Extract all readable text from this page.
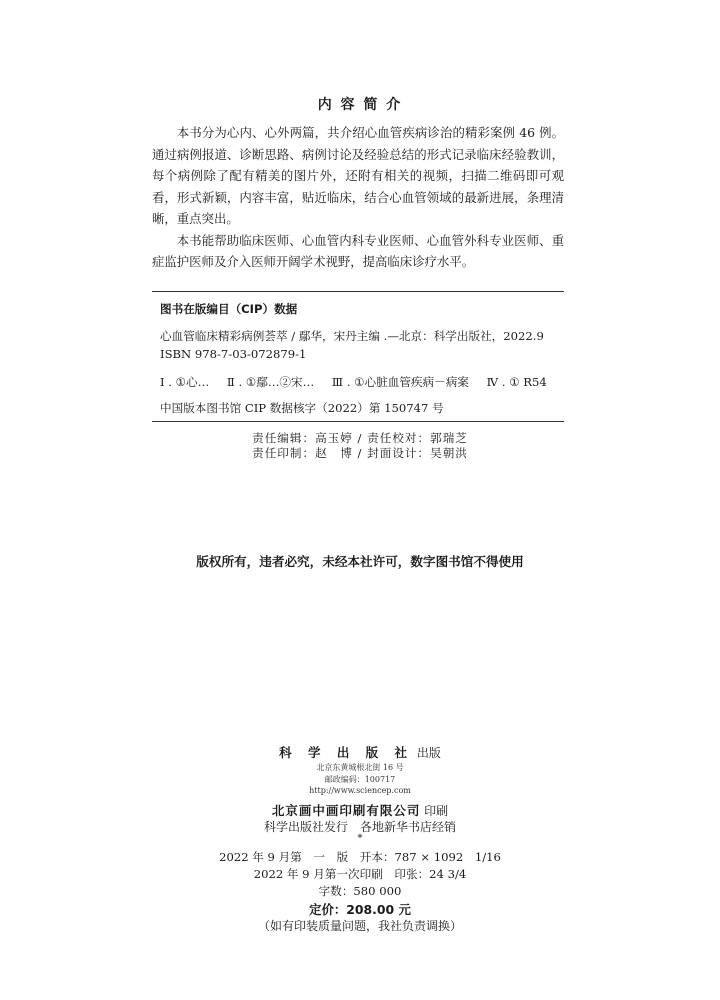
内 容 简 介

本书分为心内、心外两篇，共介绍心血管疾病诊治的精彩案例 46 例。通过病例报道、诊断思路、病例讨论及经验总结的形式记录临床经验教训，每个病例除了配有精美的图片外，还附有相关的视频，扫描二维码即可观看，形式新颖，内容丰富，贴近临床，结合心血管领域的最新进展，条理清晰，重点突出。

本书能帮助临床医师、心血管内科专业医师、心血管外科专业医师、重症监护医师及介入医师开阔学术视野，提高临床诊疗水平。

图书在版编目（CIP）数据
心血管临床精彩病例荟萃 / 鄢华，宋丹主编 .—北京：科学出版社，2022.9
ISBN 978-7-03-072879-1
Ⅰ . ①心… Ⅱ . ①鄢…②宋… Ⅲ . ①心脏血管疾病－病案 Ⅳ . ① R54
中国版本图书馆 CIP 数据核字（2022）第 150747 号
责任编辑：高玉婷 / 责任校对：郭瑞芝
责任印制：赵　博 / 封面设计：吴朝洪
版权所有，违者必究，未经本社许可，数字图书馆不得使用
科 学 出 版 社 出版
北京东黄城根北街 16 号
邮政编码：100717
http://www.sciencep.com
北京画中画印刷有限公司 印刷
科学出版社发行　各地新华书店经销
*
2022 年 9 月第　一　版　开本：787 × 1092　1/16
2022 年 9 月第一次印刷　印张：24 3/4
字数：580 000
定价：208.00 元
（如有印装质量问题，我社负责调换）
